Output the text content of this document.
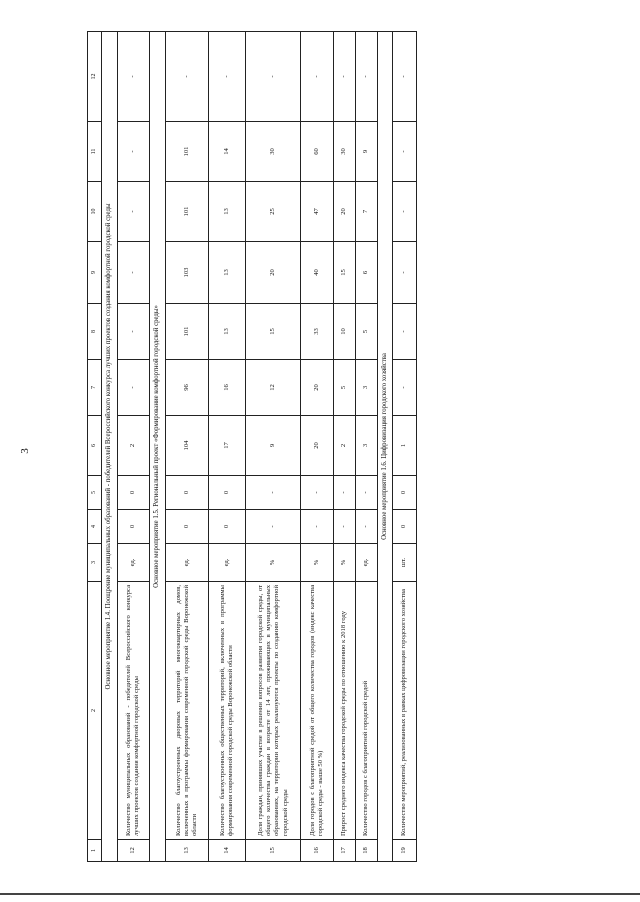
3
1	2	3	4	5	6	7	8	9	10	11	12
Основное мероприятие 1.4. Поощрение муниципальных образований - победителей Всероссийского конкурса лучших проектов создания комфортной городской среды											
12	Количество муниципальных образований - победителей Всероссийского конкурса лучших проектов создания комфортной городской среды	ед.	0	0	2	-	-	-	-	-	-
Основное мероприятие 1.5. Региональный проект «Формирование комфортной городской среды»											
13	Количество благоустроенных дворовых территорий многоквартирных домов, включенных в программы формирования современной городской среды Воронежской области	ед.	0	0	104	96	101	103	101	101	-
14	Количество благоустроенных общественных территорий, включенных в программы формирования современной городской среды Воронежской области	ед.	0	0	17	16	13	13	13	14	-
15	Доля граждан, принявших участие в решении вопросов развития городской среды, от общего количества граждан в возрасте от 14 лет, проживающих в муниципальных образованиях, на территории которых реализуются проекты по созданию комфортной городской среды	%	-	-	9	12	15	20	25	30	-
16	Доля городов с благоприятной средой от общего количества городов (индекс качества городской среды - выше 50 %)	%	-	-	20	20	33	40	47	60	-
17	Прирост среднего индекса качества городской среды по отношению к 2018 году	%	-	-	2	5	10	15	20	30	-
18	Количество городов с благоприятной городской средой	ед.	-	-	3	3	5	6	7	9	-
Основное мероприятие 1.6. Цифровизация городского хозяйства											
19	Количество мероприятий, реализованных в рамках цифровизации городского хозяйства	шт.	0	0	1	-	-	-	-	-	-
